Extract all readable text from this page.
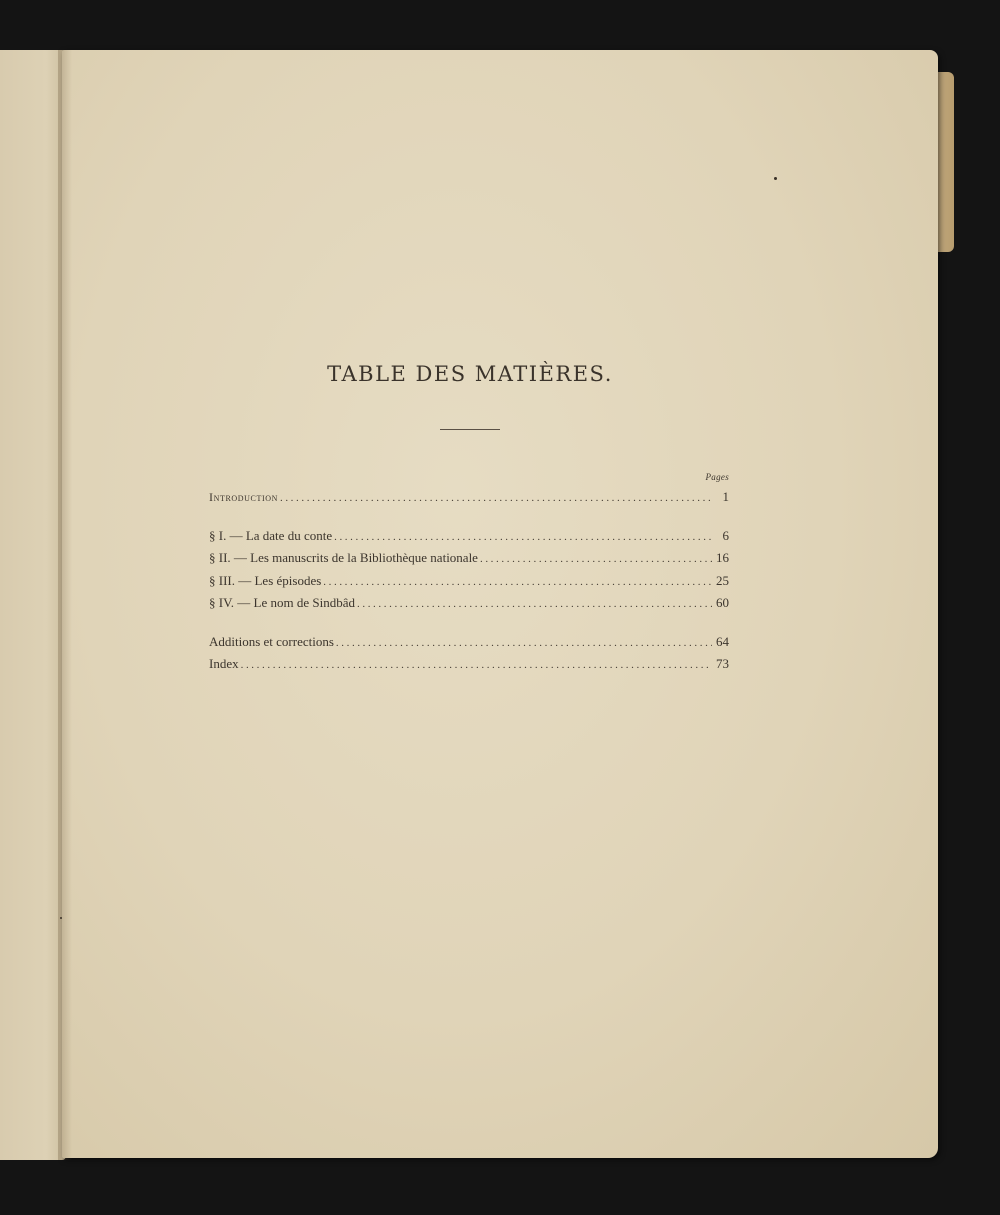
TABLE DES MATIÈRES.
Pages
Introduction .....	1
§ I. — La date du conte .....	6
§ II. — Les manuscrits de la Bibliothèque nationale .....	16
§ III. — Les épisodes .....	25
§ IV. — Le nom de Sindbâd .....	60
Additions et corrections .....	64
Index .....	73
